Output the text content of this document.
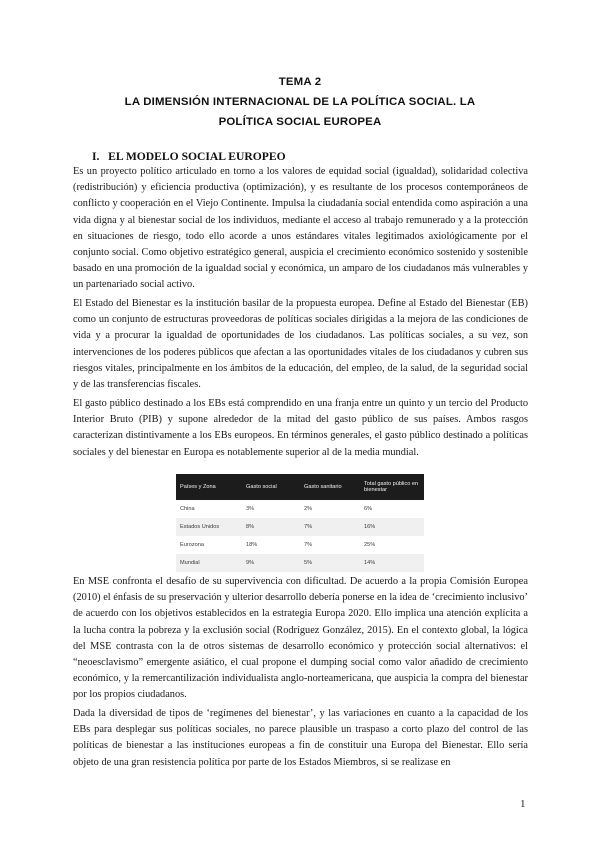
TEMA 2
LA DIMENSIÓN INTERNACIONAL DE LA POLÍTICA SOCIAL. LA
POLÍTICA SOCIAL EUROPEA
I. EL MODELO SOCIAL EUROPEO

Es un proyecto político articulado en torno a los valores de equidad social (igualdad), solidaridad colectiva (redistribución) y eficiencia productiva (optimización), y es resultante de los procesos contemporáneos de conflicto y cooperación en el Viejo Continente. Impulsa la ciudadanía social entendida como aspiración a una vida digna y al bienestar social de los individuos, mediante el acceso al trabajo remunerado y a la protección en situaciones de riesgo, todo ello acorde a unos estándares vitales legitimados axiológicamente por el conjunto social. Como objetivo estratégico general, auspicia el crecimiento económico sostenido y sostenible basado en una promoción de la igualdad social y económica, un amparo de los ciudadanos más vulnerables y un partenariado social activo.

El Estado del Bienestar es la institución basilar de la propuesta europea. Define al Estado del Bienestar (EB) como un conjunto de estructuras proveedoras de políticas sociales dirigidas a la mejora de las condiciones de vida y a procurar la igualdad de oportunidades de los ciudadanos. Las políticas sociales, a su vez, son intervenciones de los poderes públicos que afectan a las oportunidades vitales de los ciudadanos y cubren sus riesgos vitales, principalmente en los ámbitos de la educación, del empleo, de la salud, de la seguridad social y de las transferencias fiscales.

El gasto público destinado a los EBs está comprendido en una franja entre un quinto y un tercio del Producto Interior Bruto (PIB) y supone alrededor de la mitad del gasto público de sus países. Ambos rasgos caracterizan distintivamente a los EBs europeos. En términos generales, el gasto público destinado a políticas sociales y del bienestar en Europa es notablemente superior al de la media mundial.

Países y Zona	Gasto social	Gasto sanitario	Total gasto público en bienestar
China	3%	2%	6%
Estados Unidos	8%	7%	16%
Eurozona	18%	7%	25%
Mundial	9%	5%	14%

En MSE confronta el desafío de su supervivencia con dificultad. De acuerdo a la propia Comisión Europea (2010) el énfasis de su preservación y ulterior desarrollo debería ponerse en la idea de ‘crecimiento inclusivo’ de acuerdo con los objetivos establecidos en la estrategia Europa 2020. Ello implica una atención explícita a la lucha contra la pobreza y la exclusión social (Rodríguez González, 2015). En el contexto global, la lógica del MSE contrasta con la de otros sistemas de desarrollo económico y protección social alternativos: el “neoesclavismo” emergente asiático, el cual propone el dumping social como valor añadido de crecimiento económico, y la remercantilización individualista anglo-norteamericana, que auspicia la compra del bienestar por los propios ciudadanos.

Dada la diversidad de tipos de ‘regímenes del bienestar’, y las variaciones en cuanto a la capacidad de los EBs para desplegar sus políticas sociales, no parece plausible un traspaso a corto plazo del control de las políticas de bienestar a las instituciones europeas a fin de constituir una Europa del Bienestar. Ello sería objeto de una gran resistencia política por parte de los Estados Miembros, si se realizase en

1
